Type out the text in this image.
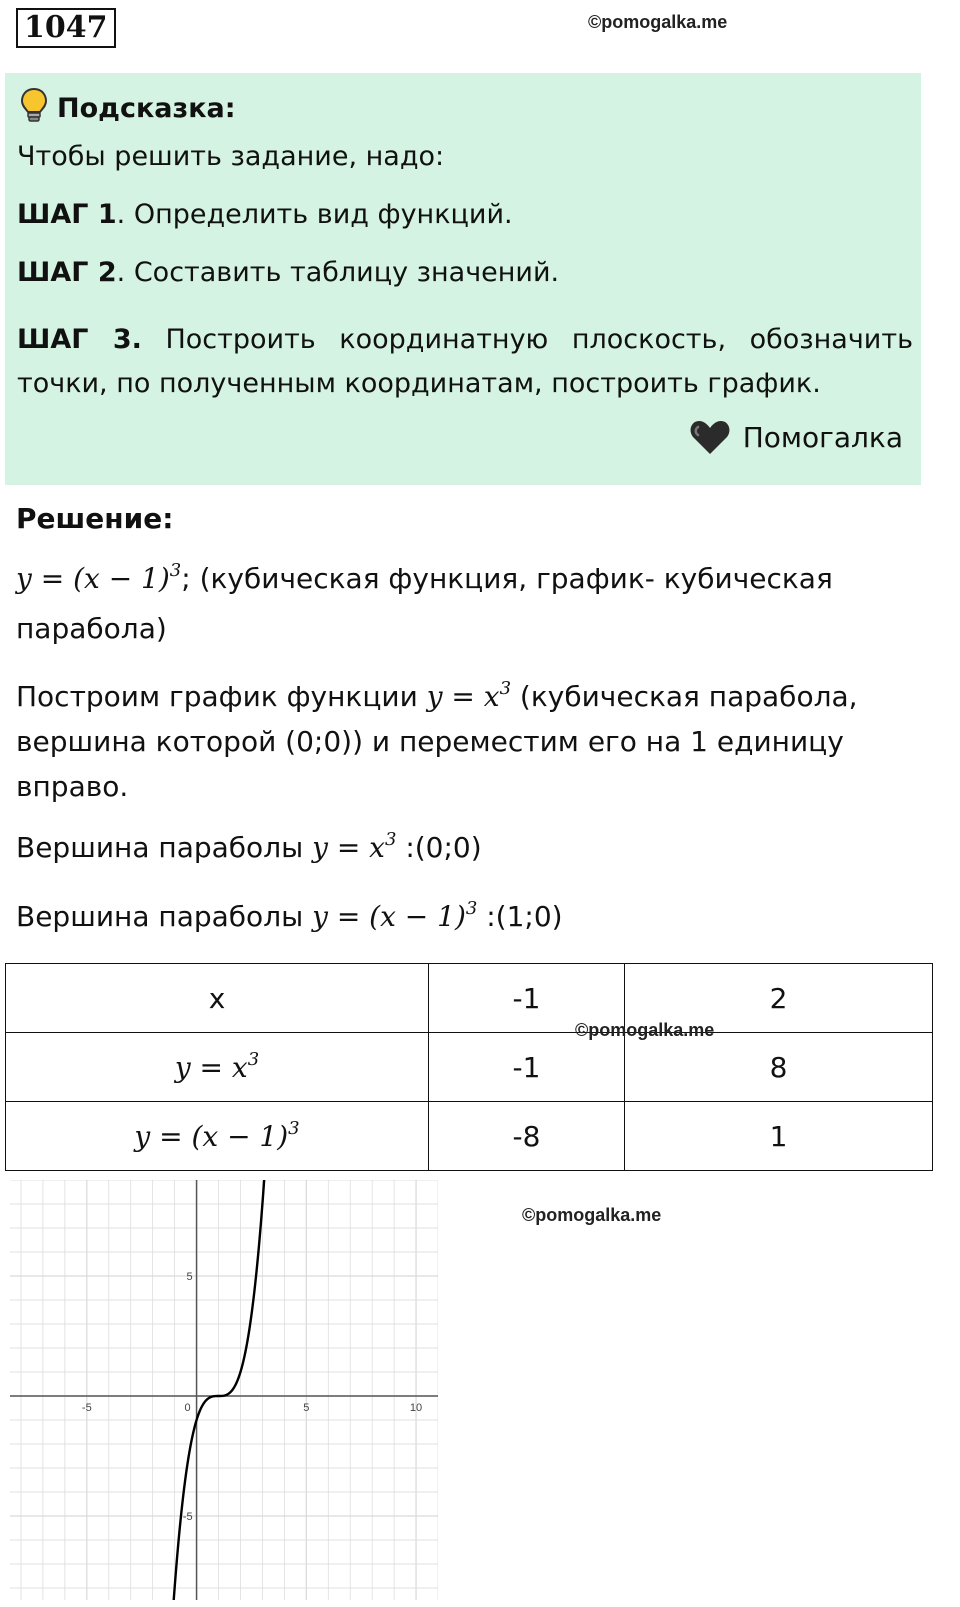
1047	©pomogalka.me
Подсказка:
Чтобы решить задание, надо:
ШАГ 1. Определить вид функций.
ШАГ 2. Составить таблицу значений.
ШАГ 3. Построить координатную плоскость, обозначить точки, по полученным координатам, построить график.
Помогалка
Решение:
$y = (x - 1)^3$; (кубическая функция, график- кубическая
парабола)
Построим график функции $y = x^3$ (кубическая парабола,
вершина которой (0;0)) и переместим его на 1 единицу
вправо.
Вершина параболы $y = x^3$ :(0;0)
Вершина параболы $y = (x - 1)^3$ :(1;0)
x	-1	2
$y = x^3$	-1	8
$y = (x - 1)^3$	-8	1
©pomogalka.me
©pomogalka.me
-5	0	5	10
5
-5
